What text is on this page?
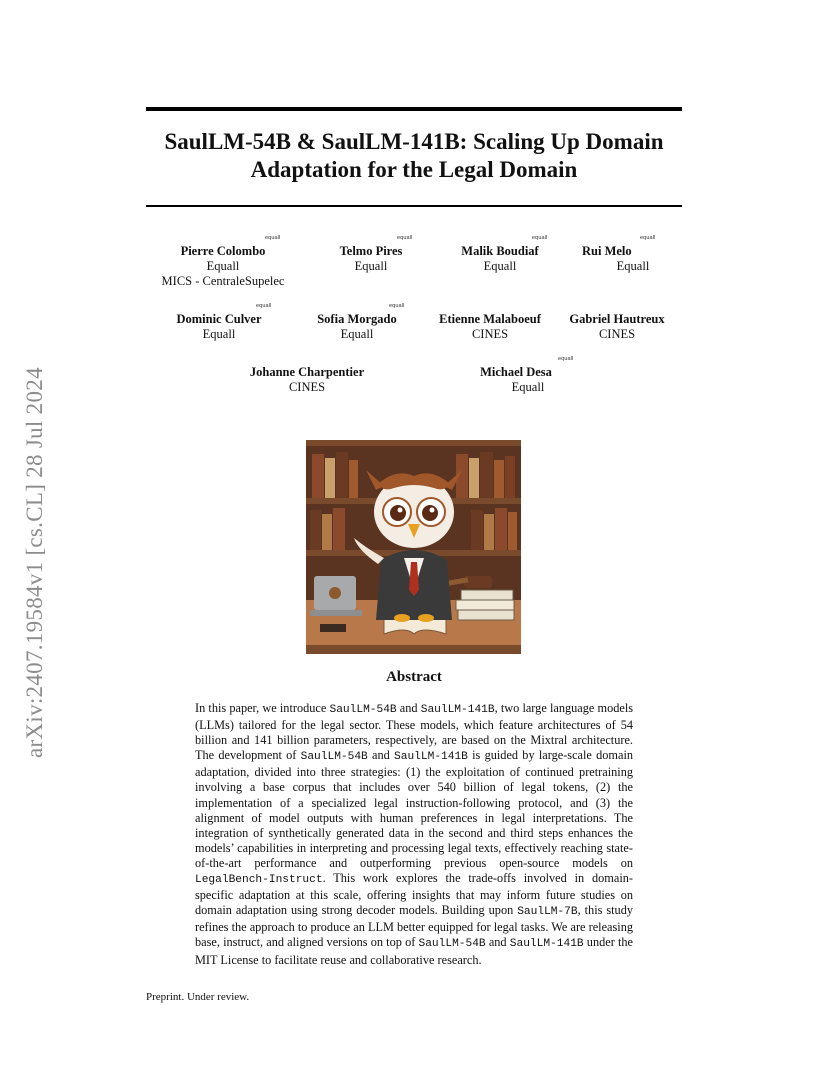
arXiv:2407.19584v1 [cs.CL] 28 Jul 2024
SaulLM-54B & SaulLM-141B: Scaling Up Domain
Adaptation for the Legal Domain
Pierre Colombo
Equall
MICS - CentraleSupelec
equall
Telmo Pires
Equall
equall
Malik Boudiaf
Equall
equall
Rui Melo
Equall
equall
Dominic Culver
Equall
equall
Sofia Morgado
Equall
equall
Etienne Malaboeuf
CINES
Gabriel Hautreux
CINES
Johanne Charpentier
CINES
Michael Desa
Equall
equall
Abstract
In this paper, we introduce SaulLM-54B and SaulLM-141B, two large language models (LLMs) tailored for the legal sector. These models, which feature architectures of 54 billion and 141 billion parameters, respectively, are based on the Mixtral architecture. The development of SaulLM-54B and SaulLM-141B is guided by large-scale domain adaptation, divided into three strategies: (1) the exploitation of continued pretraining involving a base corpus that includes over 540 billion of legal tokens, (2) the implementation of a specialized legal instruction-following protocol, and (3) the alignment of model outputs with human preferences in legal interpretations. The integration of synthetically generated data in the second and third steps enhances the models’ capabilities in interpreting and processing legal texts, effectively reaching state-of-the-art performance and outperforming previous open-source models on LegalBench-Instruct. This work explores the trade-offs involved in domain-specific adaptation at this scale, offering insights that may inform future studies on domain adaptation using strong decoder models. Building upon SaulLM-7B, this study refines the approach to produce an LLM better equipped for legal tasks. We are releasing base, instruct, and aligned versions on top of SaulLM-54B and SaulLM-141B under the MIT License to facilitate reuse and collaborative research.
Preprint. Under review.
